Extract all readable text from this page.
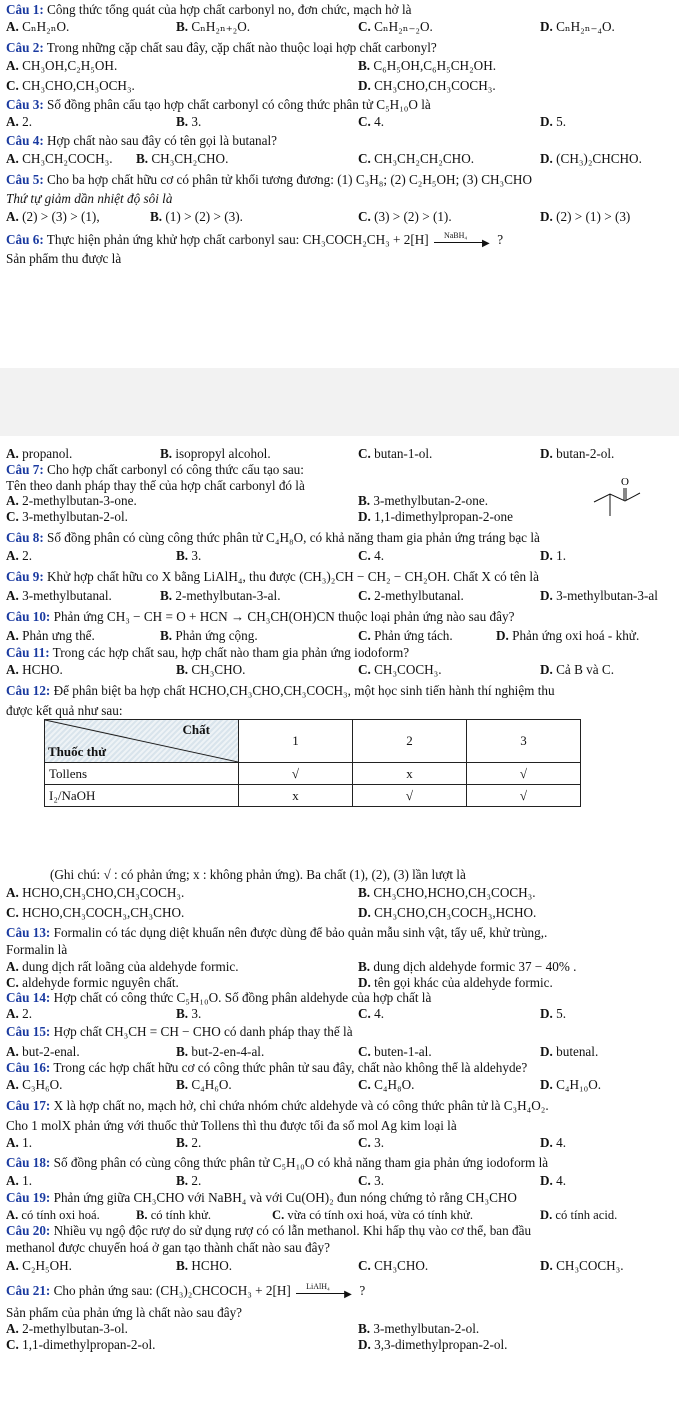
Câu 1: Công thức tổng quát của hợp chất carbonyl no, đơn chức, mạch hở là
A. CₙH₂ₙO.	B. CₙH₂ₙ₊₂O.	C. CₙH₂ₙ₋₂O.	D. CₙH₂ₙ₋₄O.
Câu 2: Trong những cặp chất sau đây, cặp chất nào thuộc loại hợp chất carbonyl?
A. CH₃OH,C₂H₅OH.	B. C₆H₅OH,C₆H₅CH₂OH.
C. CH₃CHO,CH₃OCH₃.	D. CH₃CHO,CH₃COCH₃.
Câu 3: Số đồng phân cấu tạo hợp chất carbonyl có công thức phân tử C₅H₁₀O là
A. 2.	B. 3.	C. 4.	D. 5.
Câu 4: Hợp chất nào sau đây có tên gọi là butanal?
A. CH₃CH₂COCH₃. B. CH₃CH₂CHO.	C. CH₃CH₂CH₂CHO.	D. (CH₃)₂CHCHO.
Câu 5: Cho ba hợp chất hữu cơ có phân tử khối tương đương: (1) C₃H₈; (2) C₂H₅OH; (3) CH₃CHO
Thứ tự giảm dần nhiệt độ sôi là
A. (2) > (3) > (1),	B. (1) > (2) > (3).	C. (3) > (2) > (1).	D. (2) > (1) > (3)
Câu 6: Thực hiện phản ứng khử hợp chất carbonyl sau: CH₃COCH₂CH₃ + 2[H] NaBH₄
▶ ?
Sản phẩm thu được là
A. propanol.	B. isopropyl alcohol.	C. butan-1-ol.	D. butan-2-ol.
Câu 7: Cho hợp chất carbonyl có công thức cấu tạo sau:
Tên theo danh pháp thay thế của hợp chất carbonyl đó là
A. 2-methylbutan-3-one.	B. 3-methylbutan-2-one.
C. 3-methylbutan-2-ol.	D. 1,1-dimethylpropan-2-one
O
Câu 8: Số đồng phân có cùng công thức phân tử C₄H₈O, có khả năng tham gia phản ứng tráng bạc là
A. 2.	B. 3.	C. 4.	D. 1.
Câu 9: Khử hợp chất hữu co X bằng LiAlH₄, thu được (CH₃)₂CH − CH₂ − CH₂OH. Chất X có tên là
A. 3-methylbutanal.	B. 2-methylbutan-3-al.	C. 2-methylbutanal.	D. 3-methylbutan-3-al
Câu 10: Phản ứng CH₃ − CH = O + HCN → CH₃CH(OH)CN thuộc loại phản ứng nào sau đây?
A. Phản ưng thế.	B. Phản ứng cộng.	C. Phản ứng tách.	D. Phản ứng oxi hoá - khử.
Câu 11: Trong các hợp chất sau, hợp chất nào tham gia phản ứng iodoform?
A. HCHO.	B. CH₃CHO.	C. CH₃COCH₃.	D. Cả B và C.
Câu 12: Để phân biệt ba hợp chất HCHO,CH₃CHO,CH₃COCH₃, một học sinh tiến hành thí nghiệm thu
được kết quả như sau:
Chất
Thuốc thử	1	2	3
Tollens	√	x	√
I₂/NaOH	x	√	√
(Ghi chú: √ : có phản ứng; x : không phản ứng). Ba chất (1), (2), (3) lần lượt là
A. HCHO,CH₃CHO,CH₃COCH₃.	B. CH₃CHO,HCHO,CH₃COCH₃.
C. HCHO,CH₃COCH₃,CH₃CHO.	D. CH₃CHO,CH₃COCH₃,HCHO.
Câu 13: Formalin có tác dụng diệt khuẩn nên được dùng để bảo quản mẫu sinh vật, tẩy uế, khử trùng,.
Formalin là
A. dung dịch rất loãng của aldehyde formic.	B. dung dịch aldehyde formic 37 − 40% .
C. aldehyde formic nguyên chất.	D. tên gọi khác của aldehyde formic.
Câu 14: Hợp chất có công thức C₅H₁₀O. Số đồng phân aldehyde của hợp chất là
A. 2.	B. 3.	C. 4.	D. 5.
Câu 15: Hợp chất CH₃CH = CH − CHO có danh pháp thay thế là
A. but-2-enal.	B. but-2-en-4-al.	C. buten-1-al.	D. butenal.
Câu 16: Trong các hợp chất hữu cơ có công thức phân tử sau đây, chất nào không thể là aldehyde?
A. C₃H₆O.	B. C₄H₆O.	C. C₄H₈O.	D. C₄H₁₀O.
Câu 17: X là hợp chất no, mạch hở, chỉ chứa nhóm chức aldehyde và có công thức phân tử là C₃H₄O₂.
Cho 1 molX phản ứng với thuốc thử Tollens thì thu được tối đa số mol Ag kim loại là
A. 1.	B. 2.	C. 3.	D. 4.
Câu 18: Số đồng phân có cùng công thức phân tử C₅H₁₀O có khả năng tham gia phản ứng iodoform là
A. 1.	B. 2.	C. 3.	D. 4.
Câu 19: Phản ứng giữa CH₃CHO với NaBH₄ và với Cu(OH)₂ đun nóng chứng tỏ rằng CH₃CHO
A. có tính oxi hoá.	B. có tính khử.	C. vừa có tính oxi hoá, vừa có tính khử.	D. có tính acid.
Câu 20: Nhiều vụ ngộ độc rượ do sử dụng rượ có có lẫn methanol. Khi hấp thụ vào cơ thể, ban đầu
methanol được chuyển hoá ở gan tạo thành chất nào sau đây?
A. C₂H₅OH.	B. HCHO.	C. CH₃CHO.	D. CH₃COCH₃.
Câu 21: Cho phản ứng sau: (CH₃)₂CHCOCH₃ + 2[H] LiAlH₄
▶ ?
Sản phẩm của phản ứng là chất nào sau đây?
A. 2-methylbutan-3-ol.	B. 3-methylbutan-2-ol.
C. 1,1-dimethylpropan-2-ol.	D. 3,3-dimethylpropan-2-ol.
